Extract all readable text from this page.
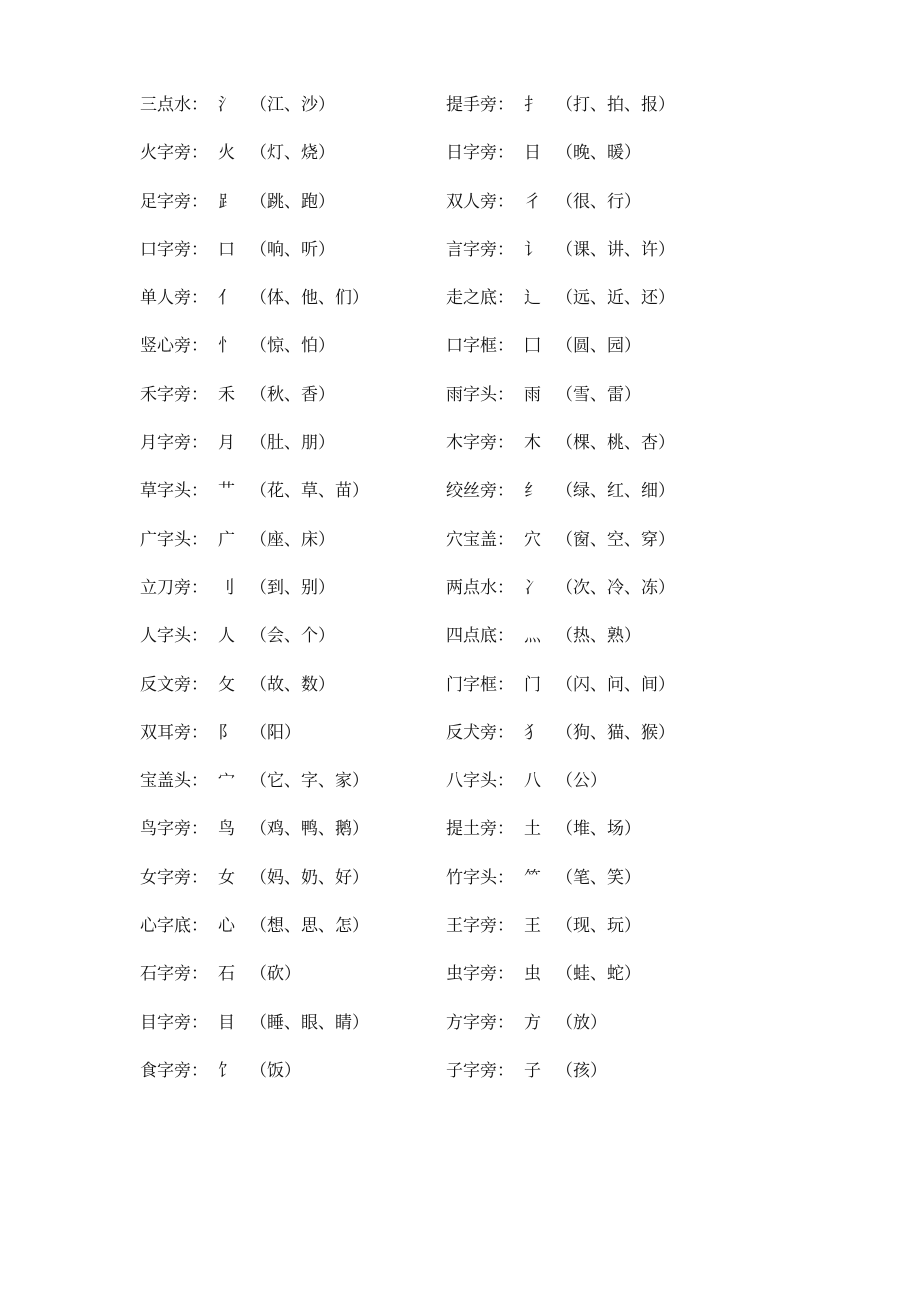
三点水： 氵 （江、沙）	提手旁： 扌 （打、拍、报）
火字旁： 火 （灯、烧）	日字旁： 日 （晚、暖）
足字旁： ⻊ （跳、跑）	双人旁： 彳 （很、行）
口字旁： 口 （响、听）	言字旁： 讠 （课、讲、许）
单人旁： 亻 （体、他、们）	走之底： 辶 （远、近、还）
竖心旁： 忄 （惊、怕）	口字框： 囗 （圆、园）
禾字旁： 禾 （秋、香）	雨字头： 雨 （雪、雷）
月字旁： 月 （肚、朋）	木字旁： 木 （棵、桃、杏）
草字头： 艹 （花、草、苗）	绞丝旁： 纟 （绿、红、细）
广字头： 广 （座、床）	穴宝盖： 穴 （窗、空、穿）
立刀旁： 刂 （到、别）	两点水： 冫 （次、冷、冻）
人字头： 人 （会、个）	四点底： 灬 （热、熟）
反文旁： 攵 （故、数）	门字框： 门 （闪、问、间）
双耳旁： 阝 （阳）	反犬旁： 犭 （狗、猫、猴）
宝盖头： 宀 （它、字、家）	八字头： 八 （公）
鸟字旁： 鸟 （鸡、鸭、鹅）	提土旁： 土 （堆、场）
女字旁： 女 （妈、奶、好）	竹字头： ⺮ （笔、笑）
心字底： 心 （想、思、怎）	王字旁： 王 （现、玩）
石字旁： 石 （砍）	虫字旁： 虫 （蛙、蛇）
目字旁： 目 （睡、眼、睛）	方字旁： 方 （放）
食字旁： 饣 （饭）	子字旁： 子 （孩）
